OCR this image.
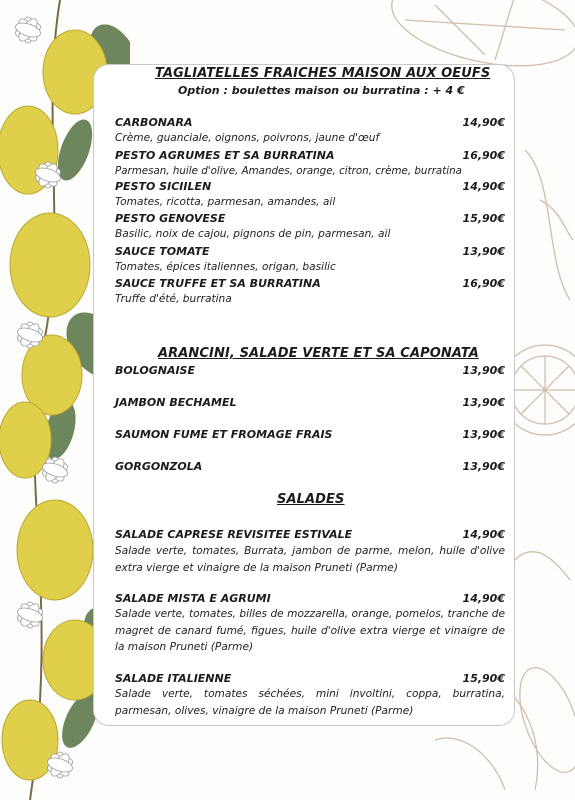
TAGLIATELLES FRAICHES MAISON AUX OEUFS
Option : boulettes maison ou burratina : + 4 €
CARBONARA	14,90€
Crème, guanciale, oignons, poivrons, jaune d'œuf
PESTO AGRUMES ET SA BURRATINA	16,90€
Parmesan, huile d'olive, Amandes, orange, citron, crème, burratina
PESTO SICIILEN	14,90€
Tomates, ricotta, parmesan, amandes, ail
PESTO GENOVESE	15,90€
Basilic, noix de cajou, pignons de pin, parmesan, ail
SAUCE TOMATE	13,90€
Tomates, épices italiennes, origan, basilic
SAUCE TRUFFE ET SA BURRATINA	16,90€
Truffe d'été, burratina
ARANCINI, SALADE VERTE ET SA CAPONATA
BOLOGNAISE	13,90€
JAMBON BECHAMEL	13,90€
SAUMON FUME ET FROMAGE FRAIS	13,90€
GORGONZOLA	13,90€
SALADES
SALADE CAPRESE REVISITEE ESTIVALE	14,90€
Salade verte, tomates, Burrata, jambon de parme, melon, huile d'olive extra vierge et vinaigre de la maison Pruneti (Parme)
SALADE MISTA E AGRUMI	14,90€
Salade verte, tomates, billes de mozzarella, orange, pomelos, tranche de magret de canard fumé, figues, huile d'olive extra vierge et vinaigre de la maison Pruneti (Parme)
SALADE ITALIENNE	15,90€
Salade verte, tomates séchées, mini involtini, coppa, burratina, parmesan, olives, vinaigre de la maison Pruneti (Parme)
